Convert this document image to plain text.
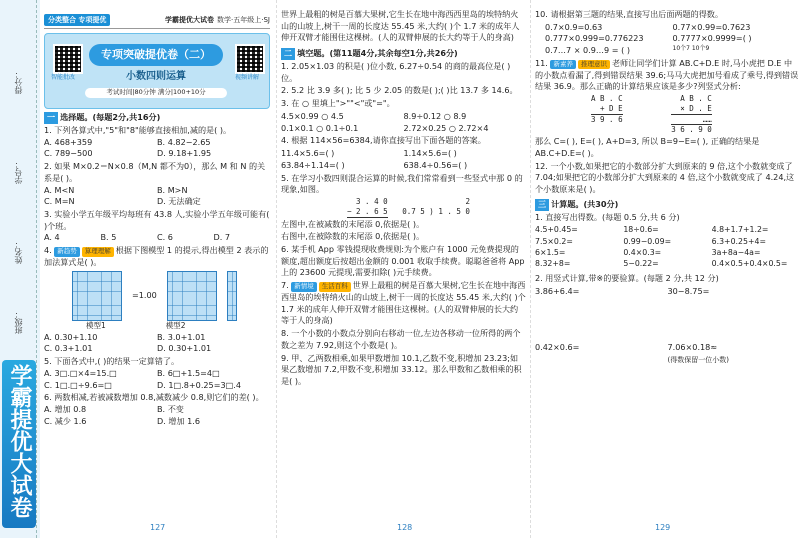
得分：
学号：
姓名：
班级：
学霸提优大试卷
分类整合 专项提优	学霸提优大试卷 数学·五年级上·SJ
智能批改
专项突破提优卷（二）
小数四则运算
考试时间|80分钟 满分|100+10分
视频讲解
一 选择题。(每题2分,共16分)
1. 下列各算式中,"5"和"8"能够直接相加,减的是( )。
A. 468+359	B. 4.82−2.65
C. 789−500	D. 9.18+1.95
2. 如果 M×0.2＝N×0.8（M,N 都不为0），那么 M 和 N 的关系是( )。
A. M<N	B. M>N
C. M=N	D. 无法确定
3. 实验小学五年级平均每班有 43.8 人,实验小学五年级可能有( )个班。
A. 4	B. 5	C. 6	D. 7
4. 新趋势 算理理解 根据下图模型 1 的提示,得出模型 2 表示的加法算式是( )。
=1.00
模型1	模型2
A. 0.30+1.10	B. 3.0+1.01
C. 0.3+1.01	D. 0.30+1.01
5. 下面各式中,( )的结果一定算错了。
A. 3□.□×4=15.□	B. 6□+1.5=4□
C. 1□.□÷9.6=□	D. 1□.8+0.25=3□.4
6. 两数相减,若被减数增加 0.8,减数减少 0.8,则它们的差( )。
A. 增加 0.8	B. 不变
C. 减少 1.6	D. 增加 1.6
127
世界上最粗的树是百慕大果树,它生长在地中海西西里岛的埃特纳火山的山坡上,树干一周的长度达 55.45 米,大约( )个 1.7 米的成年人伸开双臂才能围住这棵树。(人的双臂伸展的长大约等于人的身高)
二 填空题。(第11题4分,其余每空1分,共26分)
1. 2.05×1.03 的积是( )位小数, 6.27÷0.54 的商的最高位是( )位。
2. 5.2 比 3.9 多( ); 比 5 少 2.05 的数是( );( )比 13.7 多 14.6。
3. 在 ○ 里填上">""<"或"="。
4.5×0.99 ○ 4.5	8.9÷0.12 ○ 8.9
0.1×0.1 ○ 0.1÷0.1	2.72×0.25 ○ 2.72×4
4. 根据 114×56=6384,请你直接写出下面各题的答案。
11.4×5.6=( )	1.14×5.6=( )
63.84÷1.14=( )	638.4÷0.56=( )
5. 在学习小数四则混合运算的时候,我们常常看到一些竖式中那 0 的现象,如图。
3 . 4 0
− 2 . 6 5

2
0.7 5 ) 1 . 5 0
左图中,在被减数的末尾添 0,依据是( )。
右图中,在被除数的末尾添 0,依据是( )。
6. 某手机 App 零钱提现收费规则:为个账户有 1000 元免费提现的额度,超出额度后按超出金额的 0.001 收取手续费。聪聪爸爸将 App 上的 23600 元提现,需要扣除( )元手续费。
7. 新情境 生活百科 世界上最粗的树是百慕大果树,它生长在地中海西西里岛的埃特纳火山的山坡上,树干一周的长度达 55.45 米,大约( )个 1.7 米的成年人伸开双臂才能围住这棵树。(人的双臂伸展的长大约等于人的身高)
8. 一个小数的小数点分别向右移动一位,左边各移动一位所得的两个数之差为 7.92,则这个小数是( )。
9. 甲、乙两数相乘,如果甲数增加 10.1,乙数不变,积增加 23.23;如果乙数增加 7.2,甲数不变,积增加 33.12。那么甲数和乙数相乘的积是( )。
128
10. 请根据第三题的结果,直接写出后面两题的得数。
0.7×0.9=0.63	0.77×0.99=0.7623
0.777×0.999=0.776223	0.7777×0.9999=( )
0.7…7 × 0.9…9 = ( )	10个7 10个9
11. 新素养 推理意识 老师让同学们计算 AB.C+D.E 时,马小虎把 D.E 中的小数点看漏了,得到错误结果 39.6;马马大虎把加号看成了乘号,得到错误结果 36.9。那么正确的计算结果应该是多少?列竖式分析:
A B . C
+ D E
3 9 . 6

A B . C
× D . E
……
3 6 . 9 0
那么 C=( ), E=( ), A+D=3, 所以 B=9−E=( ), 正确的结果是 AB.C+D.E=( )。
12. 一个小数,如果把它的小数部分扩大到原来的 9 倍,这个小数就变成了 7.04;如果把它的小数部分扩大到原来的 4 倍,这个小数就变成了 4.24,这个小数原来是( )。
三 计算题。(共30分)
1. 直接写出得数。(每题 0.5 分,共 6 分)
4.5+0.45=	18÷0.6=	4.8+1.7+1.2=
7.5×0.2=	0.99−0.09=	6.3+0.25+4=
6×1.5=	0.4×0.3=	3a+8a−4a=
8.32+8=	5−0.22=	0.4×0.5+0.4×0.5=
2. 用竖式计算,带※的要验算。(每题 2 分,共 12 分)
3.86+6.4=	30−8.75=
0.42×0.6=	7.06×0.18≈
(得数保留一位小数)
129
